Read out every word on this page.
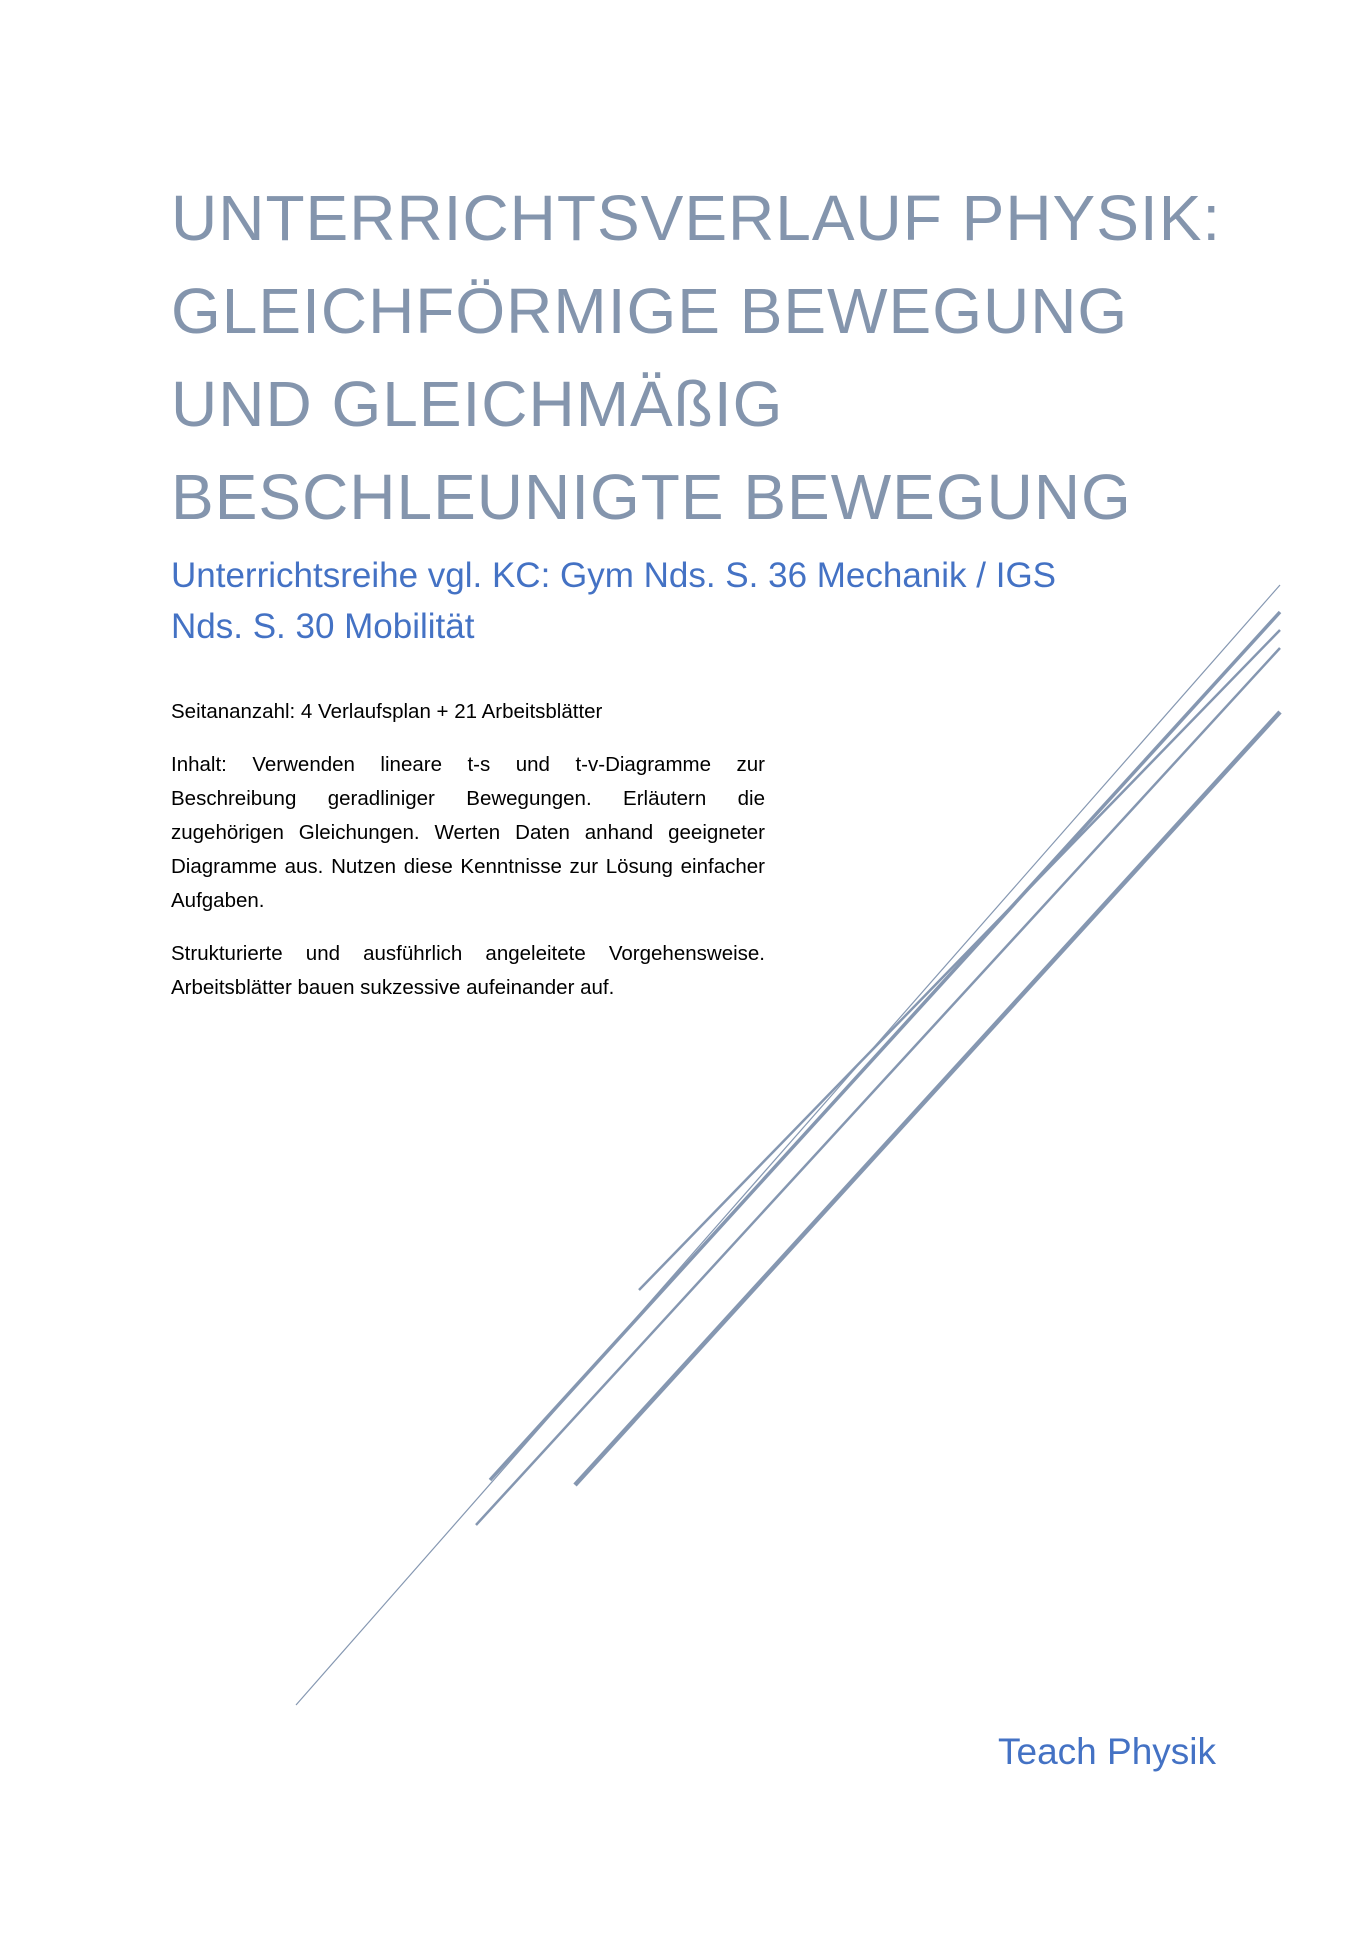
UNTERRICHTSVERLAUF PHYSIK:
GLEICHFÖRMIGE BEWEGUNG
UND GLEICHMÄßIG
BESCHLEUNIGTE BEWEGUNG
Unterrichtsreihe vgl. KC: Gym Nds. S. 36 Mechanik / IGS
Nds. S. 30 Mobilität

Seitananzahl: 4 Verlaufsplan + 21 Arbeitsblätter

Inhalt: Verwenden lineare t-s und t-v-Diagramme zur Beschreibung geradliniger Bewegungen. Erläutern die zugehörigen Gleichungen. Werten Daten anhand geeigneter Diagramme aus. Nutzen diese Kenntnisse zur Lösung einfacher Aufgaben.

Strukturierte und ausführlich angeleitete Vorgehensweise. Arbeitsblätter bauen sukzessive aufeinander auf.

Teach Physik
